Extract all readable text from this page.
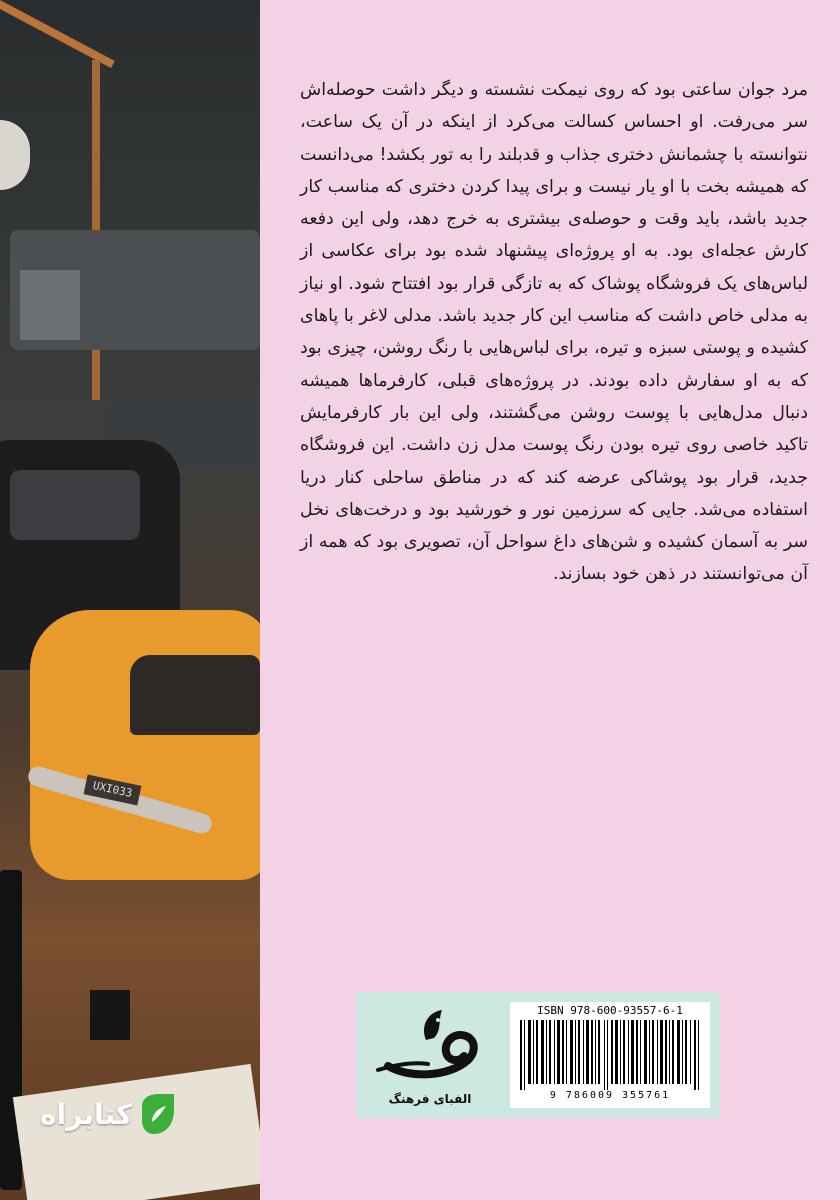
UXI033
کتابراه

مرد جوان ساعتی بود که روی نیمکت نشسته و دیگر داشت حوصله‌اش سر می‌رفت. او احساس کسالت می‌کرد از اینکه در آن یک ساعت، نتوانسته با چشمانش دختری جذاب و قدبلند را به تور بکشد! می‌دانست که همیشه بخت با او یار نیست و برای پیدا کردن دختری که مناسب کار جدید باشد، باید وقت و حوصله‌ی بیشتری به خرج دهد، ولی این دفعه کارش عجله‌ای بود. به او پروژه‌ای پیشنهاد شده بود برای عکاسی از لباس‌های یک فروشگاه پوشاک که به تازگی قرار بود افتتاح شود. او نیاز به مدلی خاص داشت که مناسب این کار جدید باشد. مدلی لاغر با پاهای کشیده و پوستی سبزه و تیره، برای لباس‌هایی با رنگ روشن، چیزی بود که به او سفارش داده بودند. در پروژه‌های قبلی، کارفرماها همیشه دنبال مدل‌هایی با پوست روشن می‌گشتند، ولی این بار کارفرمایش تاکید خاصی روی تیره بودن رنگ پوست مدل زن داشت. این فروشگاه جدید، قرار بود پوشاکی عرضه کند که در مناطق ساحلی کنار دریا استفاده می‌شد. جایی که سرزمین نور و خورشید بود و درخت‌های نخل سر به آسمان کشیده و شن‌های داغ سواحل آن، تصویری بود که همه از آن می‌توانستند در ذهن خود بسازند.

الفبای فرهنگ
ISBN 978-600-93557-6-1
9 786009 355761
